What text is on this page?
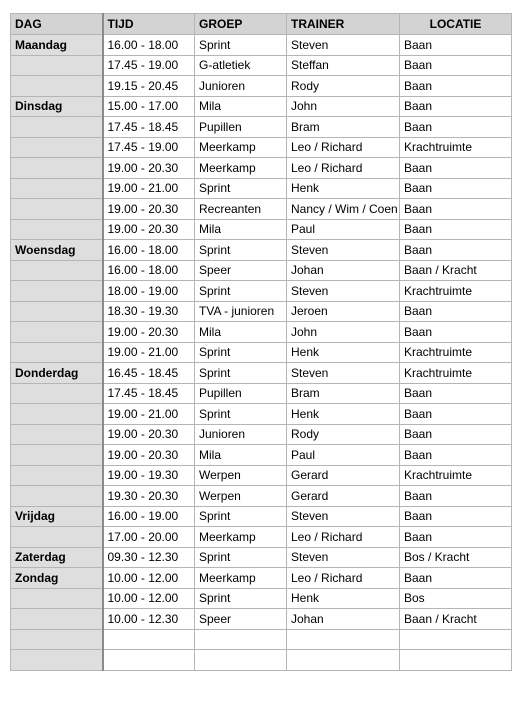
DAG	TIJD	GROEP	TRAINER	LOCATIE
Maandag	16.00 - 18.00	Sprint	Steven	Baan
	17.45 - 19.00	G-atletiek	Steffan	Baan
	19.15 - 20.45	Junioren	Rody	Baan
Dinsdag	15.00 - 17.00	Mila	John	Baan
	17.45 - 18.45	Pupillen	Bram	Baan
	17.45 - 19.00	Meerkamp	Leo / Richard	Krachtruimte
	19.00 - 20.30	Meerkamp	Leo / Richard	Baan
	19.00 - 21.00	Sprint	Henk	Baan
	19.00 - 20.30	Recreanten	Nancy / Wim / Coen	Baan
	19.00 - 20.30	Mila	Paul	Baan
Woensdag	16.00 - 18.00	Sprint	Steven	Baan
	16.00 - 18.00	Speer	Johan	Baan / Kracht
	18.00 - 19.00	Sprint	Steven	Krachtruimte
	18.30 - 19.30	TVA - junioren	Jeroen	Baan
	19.00 - 20.30	Mila	John	Baan
	19.00 - 21.00	Sprint	Henk	Krachtruimte
Donderdag	16.45 - 18.45	Sprint	Steven	Krachtruimte
	17.45 - 18.45	Pupillen	Bram	Baan
	19.00 - 21.00	Sprint	Henk	Baan
	19.00 - 20.30	Junioren	Rody	Baan
	19.00 - 20.30	Mila	Paul	Baan
	19.00 - 19.30	Werpen	Gerard	Krachtruimte
	19.30 - 20.30	Werpen	Gerard	Baan
Vrijdag	16.00 - 19.00	Sprint	Steven	Baan
	17.00 - 20.00	Meerkamp	Leo / Richard	Baan
Zaterdag	09.30 - 12.30	Sprint	Steven	Bos / Kracht
Zondag	10.00 - 12.00	Meerkamp	Leo / Richard	Baan
	10.00 - 12.00	Sprint	Henk	Bos
	10.00 - 12.30	Speer	Johan	Baan / Kracht
